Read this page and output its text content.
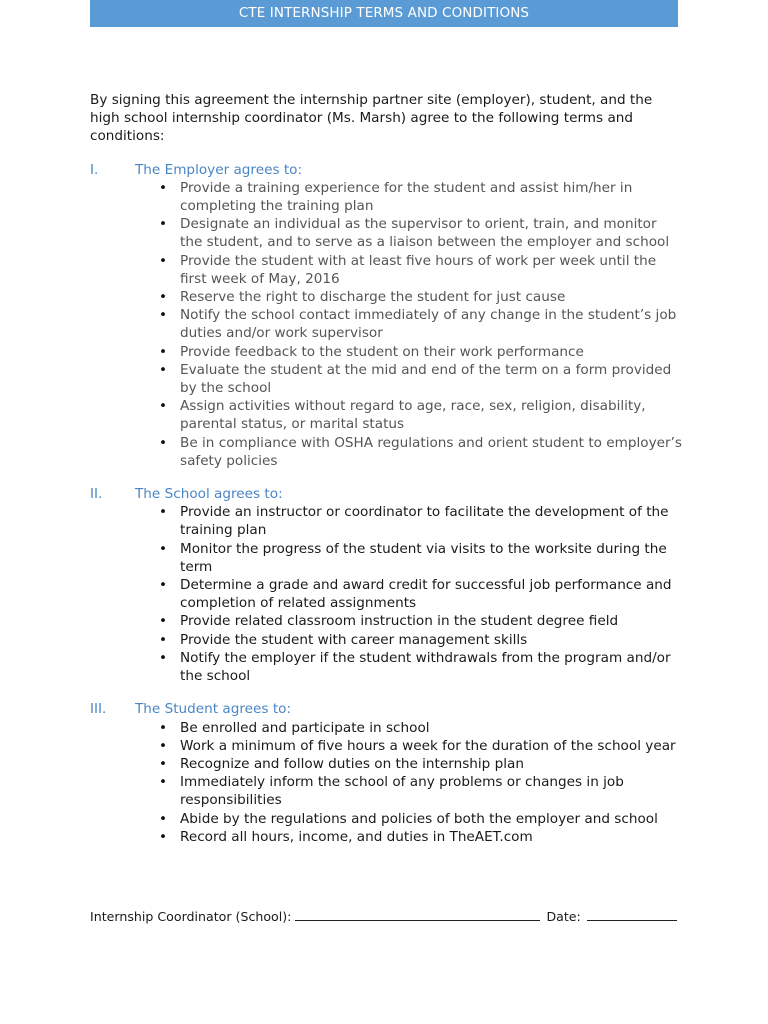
CTE INTERNSHIP TERMS AND CONDITIONS

By signing this agreement the internship partner site (employer), student, and the high school internship coordinator (Ms. Marsh) agree to the following terms and conditions:

I.	The Employer agrees to:
• Provide a training experience for the student and assist him/her in completing the training plan
• Designate an individual as the supervisor to orient, train, and monitor the student, and to serve as a liaison between the employer and school
• Provide the student with at least five hours of work per week until the first week of May, 2016
• Reserve the right to discharge the student for just cause
• Notify the school contact immediately of any change in the student’s job duties and/or work supervisor
• Provide feedback to the student on their work performance
• Evaluate the student at the mid and end of the term on a form provided by the school
• Assign activities without regard to age, race, sex, religion, disability, parental status, or marital status
• Be in compliance with OSHA regulations and orient student to employer’s safety policies
II.	The School agrees to:
• Provide an instructor or coordinator to facilitate the development of the training plan
• Monitor the progress of the student via visits to the worksite during the term
• Determine a grade and award credit for successful job performance and completion of related assignments
• Provide related classroom instruction in the student degree field
• Provide the student with career management skills
• Notify the employer if the student withdrawals from the program and/or the school
III.	The Student agrees to:
• Be enrolled and participate in school
• Work a minimum of five hours a week for the duration of the school year
• Recognize and follow duties on the internship plan
• Immediately inform the school of any problems or changes in job responsibilities
• Abide by the regulations and policies of both the employer and school
• Record all hours, income, and duties in TheAET.com
Internship Coordinator (School):	Date:
